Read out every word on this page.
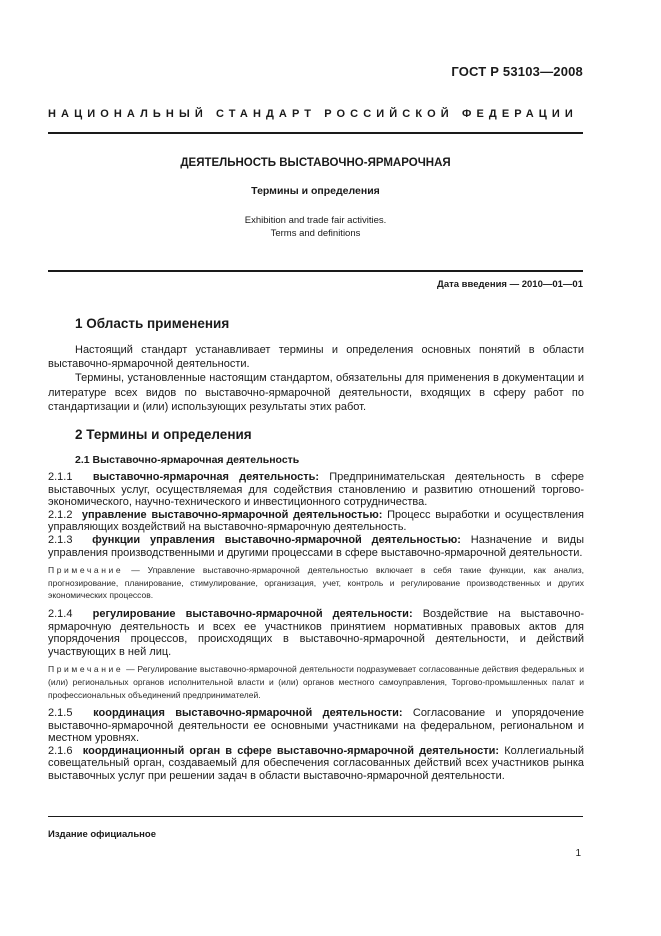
ГОСТ Р 53103—2008
НАЦИОНАЛЬНЫЙ СТАНДАРТ РОССИЙСКОЙ ФЕДЕРАЦИИ
ДЕЯТЕЛЬНОСТЬ ВЫСТАВОЧНО-ЯРМАРОЧНАЯ
Термины и определения
Exhibition and trade fair activities.
Terms and definitions
Дата введения — 2010—01—01
1 Область применения

Настоящий стандарт устанавливает термины и определения основных понятий в области выставочно-ярмарочной деятельности.

Термины, установленные настоящим стандартом, обязательны для применения в документации и литературе всех видов по выставочно-ярмарочной деятельности, входящих в сферу работ по стандартизации и (или) использующих результаты этих работ.

2 Термины и определения
2.1 Выставочно-ярмарочная деятельность

2.1.1 выставочно-ярмарочная деятельность: Предпринимательская деятельность в сфере выставочных услуг, осуществляемая для содействия становлению и развитию отношений торгово-экономического, научно-технического и инвестиционного сотрудничества.

2.1.2 управление выставочно-ярмарочной деятельностью: Процесс выработки и осуществления управляющих воздействий на выставочно-ярмарочную деятельность.

2.1.3 функции управления выставочно-ярмарочной деятельностью: Назначение и виды управления производственными и другими процессами в сфере выставочно-ярмарочной деятельности.

Примечание — Управление выставочно-ярмарочной деятельностью включает в себя такие функции, как анализ, прогнозирование, планирование, стимулирование, организация, учет, контроль и регулирование производственных и других экономических процессов.

2.1.4 регулирование выставочно-ярмарочной деятельности: Воздействие на выставочно-ярмарочную деятельность и всех ее участников принятием нормативных правовых актов для упорядочения процессов, происходящих в выставочно-ярмарочной деятельности, и действий участвующих в ней лиц.

Примечание — Регулирование выставочно-ярмарочной деятельности подразумевает согласованные действия федеральных и (или) региональных органов исполнительной власти и (или) органов местного самоуправления, Торгово-промышленных палат и профессиональных объединений предпринимателей.

2.1.5 координация выставочно-ярмарочной деятельности: Согласование и упорядочение выставочно-ярмарочной деятельности ее основными участниками на федеральном, региональном и местном уровнях.

2.1.6 координационный орган в сфере выставочно-ярмарочной деятельности: Коллегиальный совещательный орган, создаваемый для обеспечения согласованных действий всех участников рынка выставочных услуг при решении задач в области выставочно-ярмарочной деятельности.

Издание официальное
1
